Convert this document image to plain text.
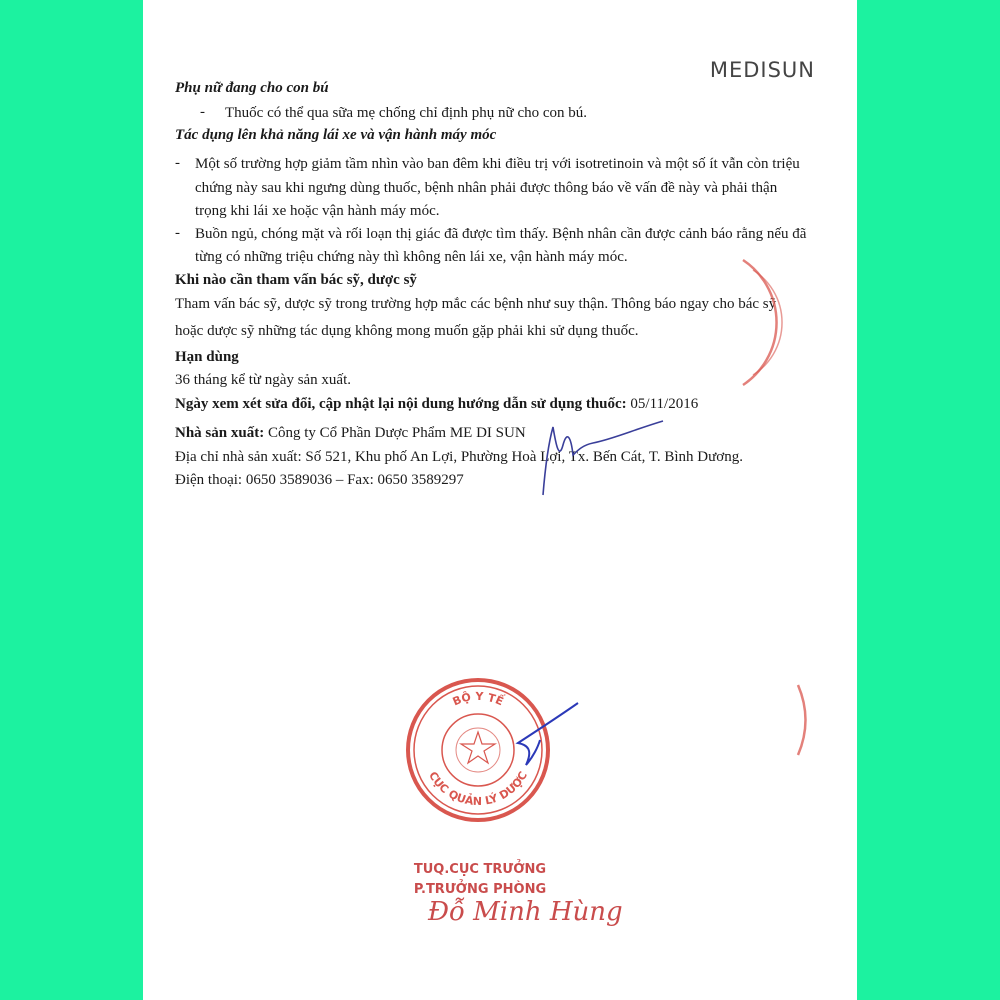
MEDISUN
Phụ nữ đang cho con bú
- Thuốc có thể qua sữa mẹ chống chỉ định phụ nữ cho con bú.
Tác dụng lên khả năng lái xe và vận hành máy móc
- Một số trường hợp giảm tầm nhìn vào ban đêm khi điều trị với isotretinoin và một số ít vẫn còn triệu
chứng này sau khi ngưng dùng thuốc, bệnh nhân phải được thông báo về vấn đề này và phải thận
trọng khi lái xe hoặc vận hành máy móc.
- Buồn ngủ, chóng mặt và rối loạn thị giác đã được tìm thấy. Bệnh nhân cần được cảnh báo rằng nếu đã
từng có những triệu chứng này thì không nên lái xe, vận hành máy móc.
Khi nào cần tham vấn bác sỹ, dược sỹ
Tham vấn bác sỹ, dược sỹ trong trường hợp mắc các bệnh như suy thận. Thông báo ngay cho bác sỹ
hoặc dược sỹ những tác dụng không mong muốn gặp phải khi sử dụng thuốc.
Hạn dùng
36 tháng kể từ ngày sản xuất.
Ngày xem xét sửa đổi, cập nhật lại nội dung hướng dẫn sử dụng thuốc: 05/11/2016
Nhà sản xuất: Công ty Cổ Phần Dược Phẩm ME DI SUN
Địa chỉ nhà sản xuất: Số 521, Khu phố An Lợi, Phường Hoà Lợi, Tx. Bến Cát, T. Bình Dương.
Điện thoại: 0650 3589036 – Fax: 0650 3589297
BỘ Y TẾ
CỤC QUẢN LÝ DƯỢC
TUQ.CỤC TRƯỞNG
P.TRƯỞNG PHÒNG
Đỗ Minh Hùng
